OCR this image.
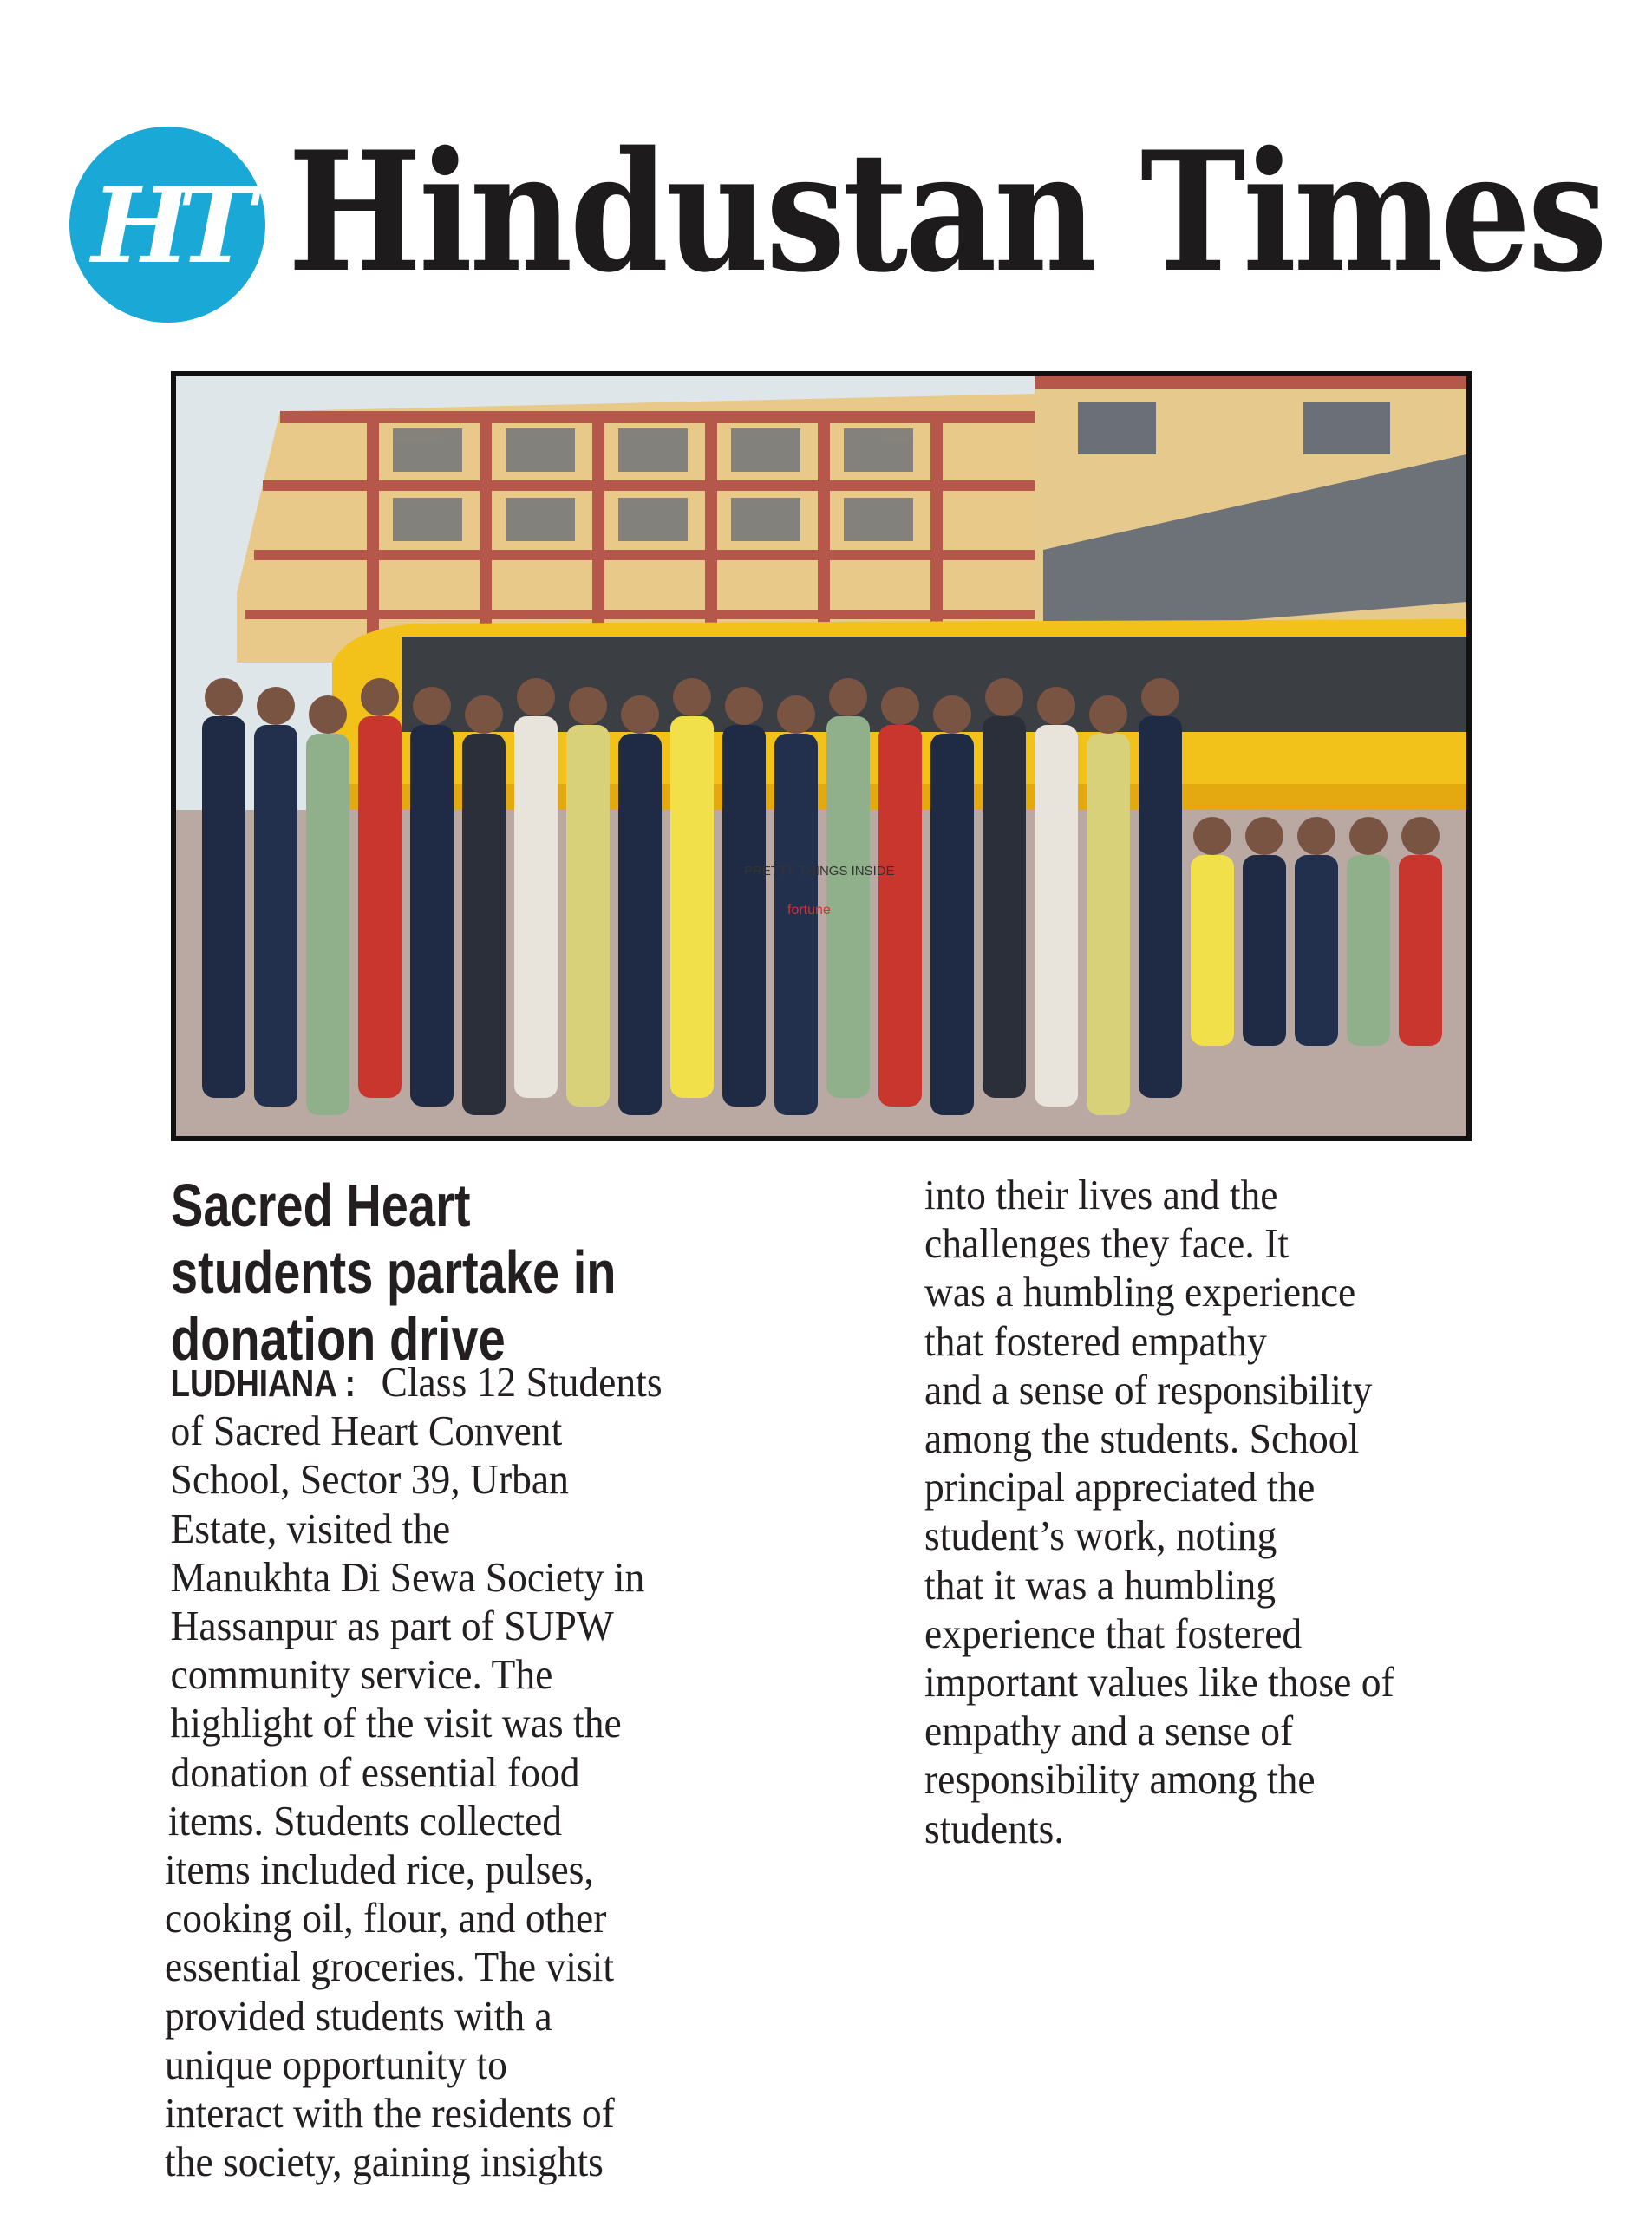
HT Hindustan Times
PRETTY THINGS INSIDE
fortune
Sacred Heart
students partake in
donation drive
LUDHIANA : Class 12 Students
of Sacred Heart Convent
School, Sector 39, Urban
Estate, visited the
Manukhta Di Sewa Society in
Hassanpur as part of SUPW
community service. The
highlight of the visit was the
donation of essential food
items. Students collected
items included rice, pulses,
cooking oil, flour, and other
essential groceries. The visit
provided students with a
unique opportunity to
interact with the residents of
the society, gaining insights
into their lives and the
challenges they face. It
was a humbling experience
that fostered empathy
and a sense of responsibility
among the students. School
principal appreciated the
student’s work, noting
that it was a humbling
experience that fostered
important values like those of
empathy and a sense of
responsibility among the
students.
